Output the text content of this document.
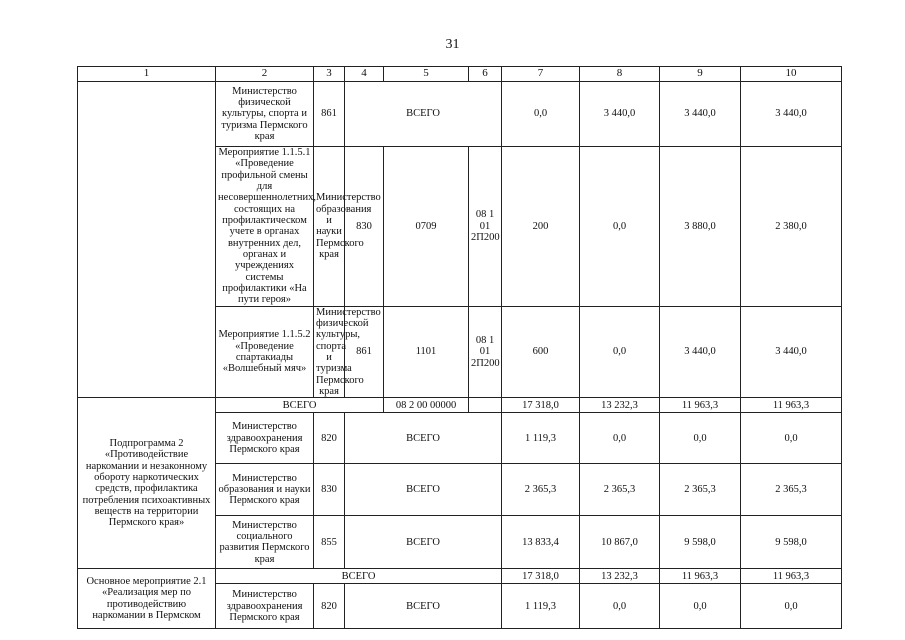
31
1	2	3	4	5	6	7	8	9	10	
	Министерство физической культуры, спорта и туризма Пермского края	861	ВСЕГО			0,0	3 440,0	3 440,0	3 440,0	
	Мероприятие 1.1.5.1 «Проведение профильной смены для несовершеннолетних, состоящих на профилактическом учете в органах внутренних дел, органах и учреждениях системы профилактики «На пути героя»	Министерство образования и науки Пермского края	830	0709	08 1 01 2П200	200	0,0	3 880,0	2 380,0	
	Мероприятие 1.1.5.2 «Проведение спартакиады «Волшебный мяч»	Министерство физической культуры, спорта и туризма Пермского края	861	1101	08 1 01 2П200	600	0,0	3 440,0	3 440,0	
Подпрограмма 2 «Противодействие наркомании и незаконному обороту наркотических средств, профилактика потребления психоактивных веществ на территории Пермского края»	ВСЕГО			08 2 00 00000		17 318,0	13 232,3	11 963,3	11 963,3	
	Министерство здравоохранения Пермского края	820	ВСЕГО			1 119,3	0,0	0,0	0,0	
	Министерство образования и науки Пермского края	830	ВСЕГО			2 365,3	2 365,3	2 365,3	2 365,3	
	Министерство социального развития Пермского края	855	ВСЕГО			13 833,4	10 867,0	9 598,0	9 598,0	
Основное мероприятие 2.1 «Реализация мер по противодействию наркомании в Пермском	ВСЕГО					17 318,0	13 232,3	11 963,3	11 963,3	
	Министерство здравоохранения Пермского края	820	ВСЕГО			1 119,3	0,0	0,0	0,0	
